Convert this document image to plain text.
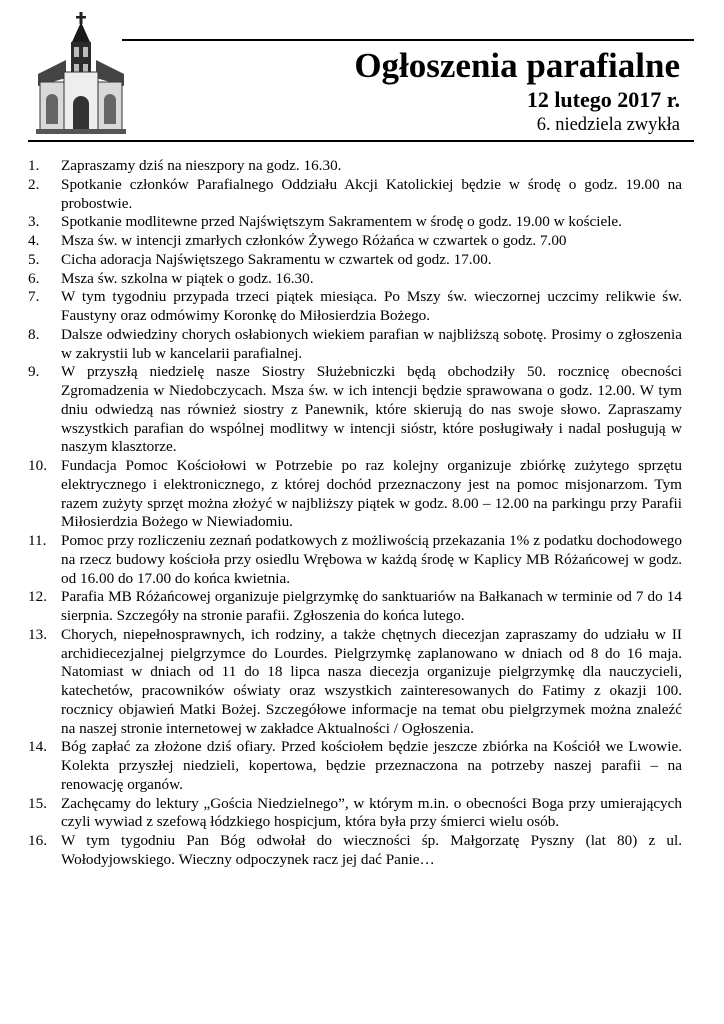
Ogłoszenia parafialne
12 lutego 2017 r.
6. niedziela zwykła
1.	Zapraszamy dziś na nieszpory na godz. 16.30.
2.	Spotkanie członków Parafialnego Oddziału Akcji Katolickiej będzie w środę o godz. 19.00 na probostwie.
3.	Spotkanie modlitewne przed Najświętszym Sakramentem w środę o godz. 19.00 w kościele.
4.	Msza św. w intencji zmarłych członków Żywego Różańca w czwartek o godz. 7.00
5.	Cicha adoracja Najświętszego Sakramentu w czwartek od godz. 17.00.
6.	Msza św. szkolna w piątek o godz. 16.30.
7.	W tym tygodniu przypada trzeci piątek miesiąca. Po Mszy św. wieczornej uczcimy relikwie św. Faustyny oraz odmówimy Koronkę do Miłosierdzia Bożego.
8.	Dalsze odwiedziny chorych osłabionych wiekiem parafian w najbliższą sobotę. Prosimy o zgłoszenia w zakrystii lub w kancelarii parafialnej.
9.	W przyszłą niedzielę nasze Siostry Służebniczki będą obchodziły 50. rocznicę obecności Zgromadzenia w Niedobczycach. Msza św. w ich intencji będzie sprawowana o godz. 12.00. W tym dniu odwiedzą nas również siostry z Panewnik, które skierują do nas swoje słowo. Zapraszamy wszystkich parafian do wspólnej modlitwy w intencji sióstr, które posługiwały i nadal posługują w naszym klasztorze.
10. Fundacja Pomoc Kościołowi w Potrzebie po raz kolejny organizuje zbiórkę zużytego sprzętu elektrycznego i elektronicznego, z której dochód przeznaczony jest na pomoc misjonarzom. Tym razem zużyty sprzęt można złożyć w najbliższy piątek w godz. 8.00 – 12.00 na parkingu przy Parafii Miłosierdzia Bożego w Niewiadomiu.
11. Pomoc przy rozliczeniu zeznań podatkowych z możliwością przekazania 1% z podatku dochodowego na rzecz budowy kościoła przy osiedlu Wrębowa w każdą środę w Kaplicy MB Różańcowej w godz. od 16.00 do 17.00 do końca kwietnia.
12. Parafia MB Różańcowej organizuje pielgrzymkę do sanktuariów na Bałkanach w terminie od 7 do 14 sierpnia. Szczegóły na stronie parafii. Zgłoszenia do końca lutego.
13. Chorych, niepełnosprawnych, ich rodziny, a także chętnych diecezjan zapraszamy do udziału w II archidiecezjalnej pielgrzymce do Lourdes. Pielgrzymkę zaplanowano w dniach od 8 do 16 maja. Natomiast w dniach od 11 do 18 lipca nasza diecezja organizuje pielgrzymkę dla nauczycieli, katechetów, pracowników oświaty oraz wszystkich zainteresowanych do Fatimy z okazji 100. rocznicy objawień Matki Bożej. Szczegółowe informacje na temat obu pielgrzymek można znaleźć na naszej stronie internetowej w zakładce Aktualności / Ogłoszenia.
14. Bóg zapłać za złożone dziś ofiary. Przed kościołem będzie jeszcze zbiórka na Kościół we Lwowie. Kolekta przyszłej niedzieli, kopertowa, będzie przeznaczona na potrzeby naszej parafii – na renowację organów.
15. Zachęcamy do lektury „Gościa Niedzielnego”, w którym m.in. o obecności Boga przy umierających czyli wywiad z szefową łódzkiego hospicjum, która była przy śmierci wielu osób.
16. W tym tygodniu Pan Bóg odwołał do wieczności śp. Małgorzatę Pyszny (lat 80) z ul. Wołodyjowskiego. Wieczny odpoczynek racz jej dać Panie…
